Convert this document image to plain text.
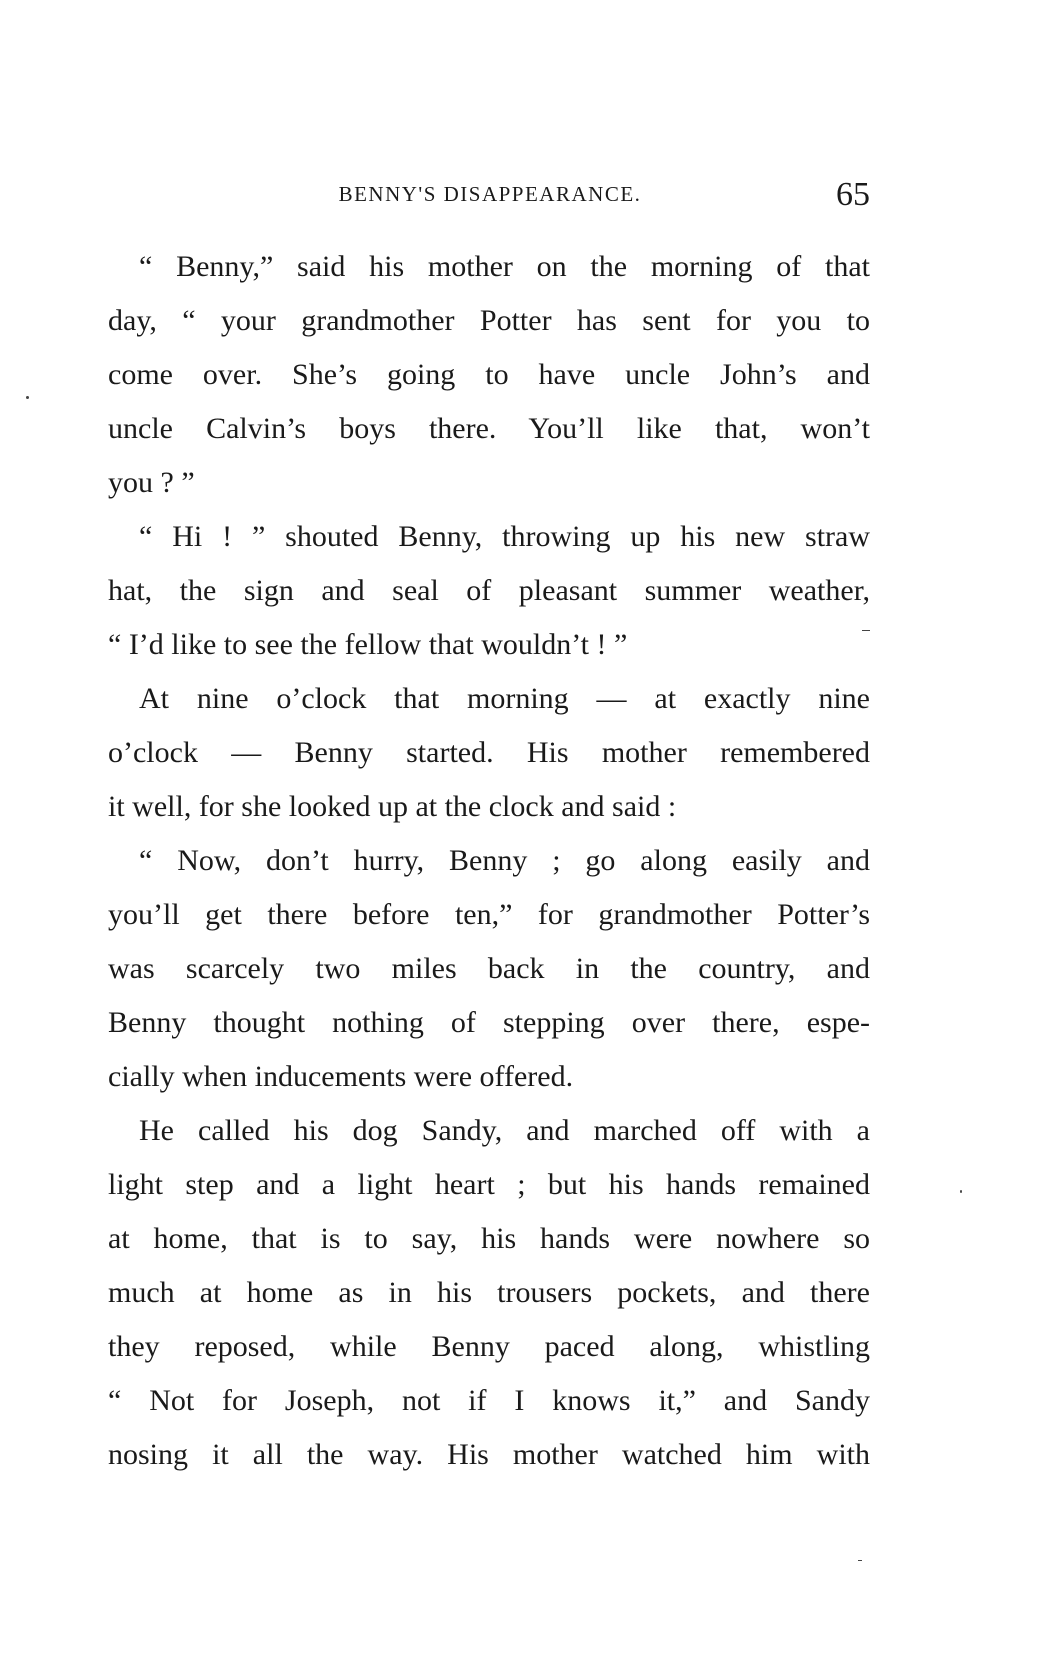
BENNY'S DISAPPEARANCE.	65
“ Benny,” said his mother on the morning of that
day, “ your grandmother Potter has sent for you to
come over. She’s going to have uncle John’s and
uncle Calvin’s boys there. You’ll like that, won’t
you ? ”
“ Hi ! ” shouted Benny, throwing up his new straw
hat, the sign and seal of pleasant summer weather,
“ I’d like to see the fellow that wouldn’t ! ”
At nine o’clock that morning — at exactly nine
o’clock — Benny started. His mother remembered
it well, for she looked up at the clock and said :
“ Now, don’t hurry, Benny ; go along easily and
you’ll get there before ten,” for grandmother Potter’s
was scarcely two miles back in the country, and
Benny thought nothing of stepping over there, espe-
cially when inducements were offered.
He called his dog Sandy, and marched off with a
light step and a light heart ; but his hands remained
at home, that is to say, his hands were nowhere so
much at home as in his trousers pockets, and there
they reposed, while Benny paced along, whistling
“ Not for Joseph, not if I knows it,” and Sandy
nosing it all the way. His mother watched him with
